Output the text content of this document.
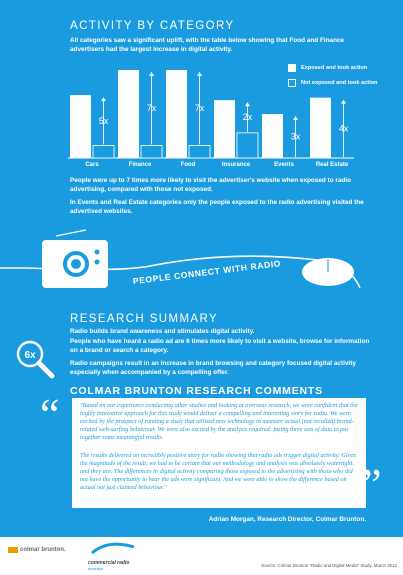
ACTIVITY BY CATEGORY
All categories saw a significant uplift, with the table below showing that Food and Finance advertisers had the largest increase in digital activity.
Exposed and took action
Not exposed and took action
5x
Cars
7x
Finance
7x
Food
2x
Insurance
3x
Events
4x
Real Estate
People were up to 7 times more likely to visit the advertiser's website when exposed to radio advertising, compared with those not exposed.
In Events and Real Estate categories only the people exposed to the radio advertising visited the advertised websites.
PEOPLE CONNECT WITH RADIO
RESEARCH SUMMARY
Radio builds brand awareness and stimulates digital activity.
People who have heard a radio ad are 6 times more likely to visit a website, browse for information on a brand or search a category.
Radio campaigns result in an increase in brand browsing and category focused digital activity especially when accompanied by a compelling offer.
6x
COLMAR BRUNTON RESEARCH COMMENTS
“	"Based on our experience conducting other studies and looking at overseas research, we were confident that the highly innovative approach for this study would deliver a compelling and interesting story for radio. We were excited by the prospect of running a study that utilised new technology to measure actual (not recalled) brand-related web-surfing behaviour. We were also excited by the analysis required: fusing three sets of data to put together some meaningful results.
The results delivered an incredibly positive story for radio showing that radio ads trigger digital activity. Given the magnitude of the result, we had to be certain that our methodology and analysis was absolutely watertight, and they are. The differences in digital activity comparing those exposed to the advertising with those who did not have the opportunity to hear the ads were significant. And we were able to show the difference based on actual not just claimed behaviour."	”
Adrian Morgan, Research Director, Colmar Brunton.
colmar brunton.
commercial radio
australia
Source: Colmar Brunton "Radio and Digital Media" Study, March 2012
